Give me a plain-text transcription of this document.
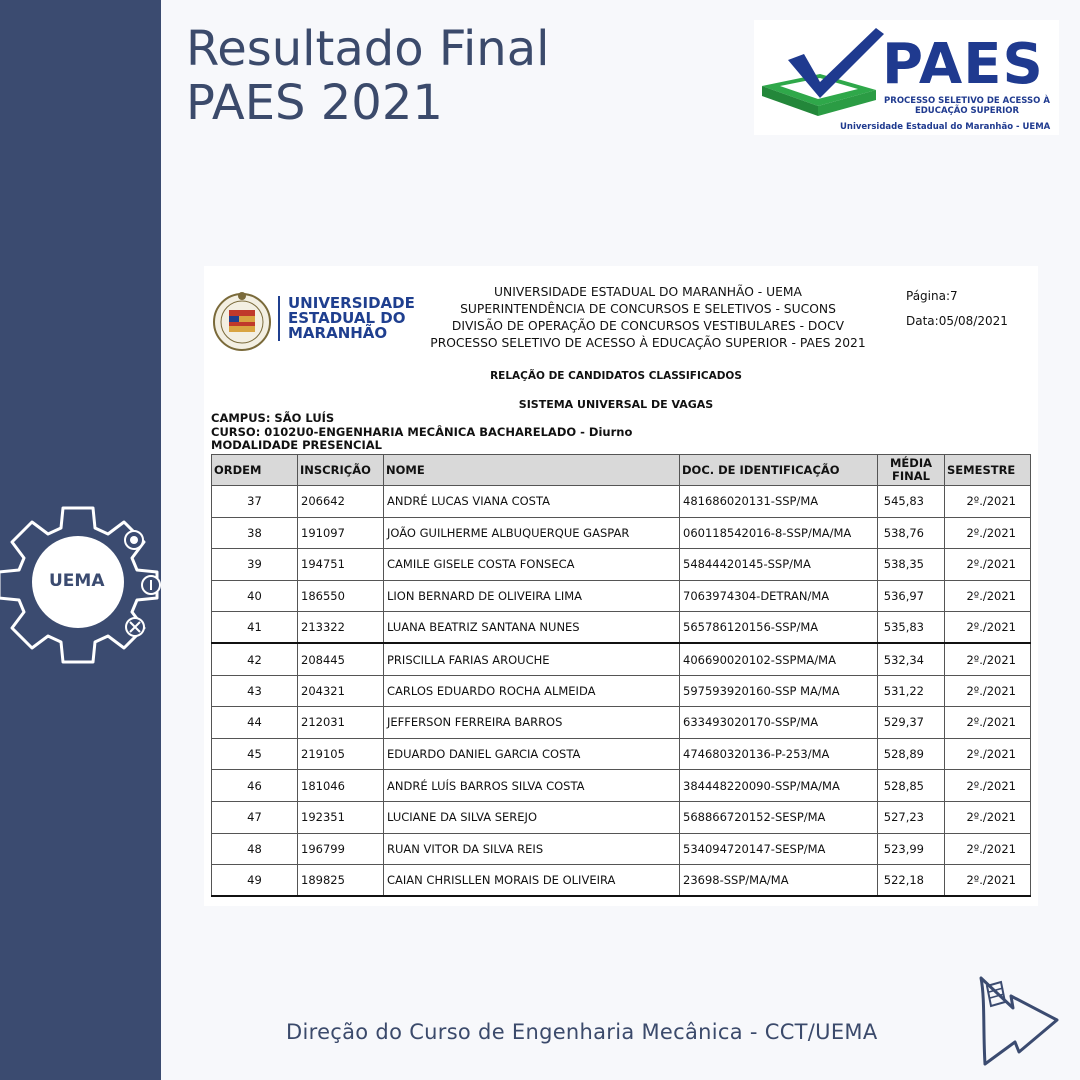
UEMA
Resultado Final
PAES 2021
PAES
PROCESSO SELETIVO DE ACESSO À
EDUCAÇÃO SUPERIOR
Universidade Estadual do Maranhão - UEMA
UNIVERSIDADE
ESTADUAL DO
MARANHÃO
UNIVERSIDADE ESTADUAL DO MARANHÃO - UEMA
SUPERINTENDÊNCIA DE CONCURSOS E SELETIVOS - SUCONS
DIVISÃO DE OPERAÇÃO DE CONCURSOS VESTIBULARES - DOCV
PROCESSO SELETIVO DE ACESSO À EDUCAÇÃO SUPERIOR - PAES 2021
Página:7
Data:05/08/2021
RELAÇÃO DE CANDIDATOS CLASSIFICADOS
SISTEMA UNIVERSAL DE VAGAS
CAMPUS: SÃO LUÍS
CURSO: 0102U0-ENGENHARIA MECÂNICA BACHARELADO - Diurno
MODALIDADE PRESENCIAL
ORDEM	INSCRIÇÃO	NOME	DOC. DE IDENTIFICAÇÃO	MÉDIA FINAL	SEMESTRE
37	206642	ANDRÉ LUCAS VIANA COSTA	481686020131-SSP/MA	545,83	2º./2021
38	191097	JOÃO GUILHERME ALBUQUERQUE GASPAR	060118542016-8-SSP/MA/MA	538,76	2º./2021
39	194751	CAMILE GISELE COSTA FONSECA	54844420145-SSP/MA	538,35	2º./2021
40	186550	LION BERNARD DE OLIVEIRA LIMA	7063974304-DETRAN/MA	536,97	2º./2021
41	213322	LUANA BEATRIZ SANTANA NUNES	565786120156-SSP/MA	535,83	2º./2021
42	208445	PRISCILLA FARIAS AROUCHE	406690020102-SSPMA/MA	532,34	2º./2021
43	204321	CARLOS EDUARDO ROCHA ALMEIDA	597593920160-SSP MA/MA	531,22	2º./2021
44	212031	JEFFERSON FERREIRA BARROS	633493020170-SSP/MA	529,37	2º./2021
45	219105	EDUARDO DANIEL GARCIA COSTA	474680320136-P-253/MA	528,89	2º./2021
46	181046	ANDRÉ LUÍS BARROS SILVA COSTA	384448220090-SSP/MA/MA	528,85	2º./2021
47	192351	LUCIANE DA SILVA SEREJO	568866720152-SESP/MA	527,23	2º./2021
48	196799	RUAN VITOR DA SILVA REIS	534094720147-SESP/MA	523,99	2º./2021
49	189825	CAIAN CHRISLLEN MORAIS DE OLIVEIRA	23698-SSP/MA/MA	522,18	2º./2021
Direção do Curso de Engenharia Mecânica - CCT/UEMA
